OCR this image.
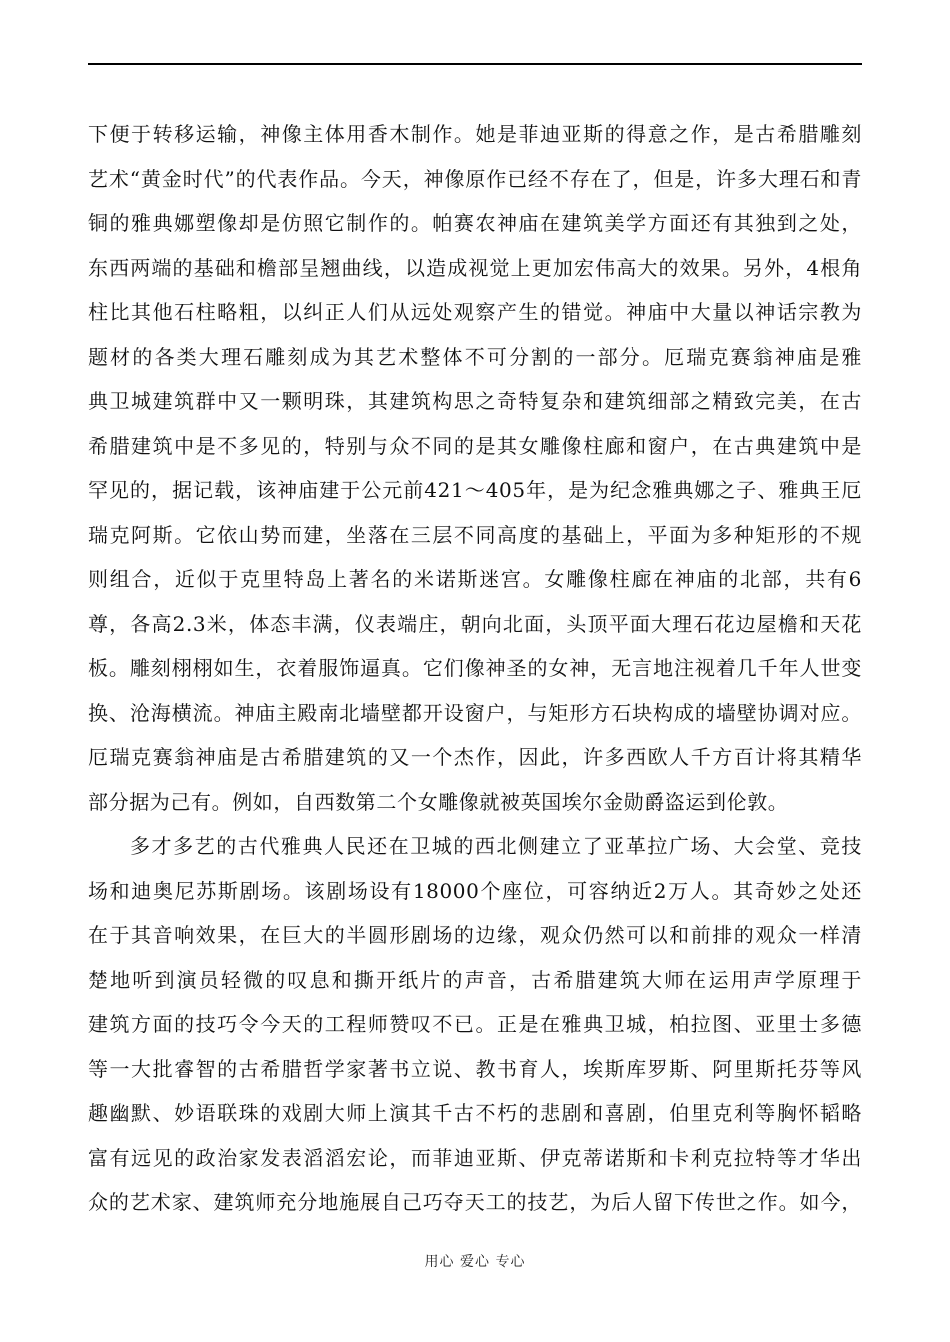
下便于转移运输，神像主体用香木制作。她是菲迪亚斯的得意之作，是古希腊雕刻
艺术“黄金时代”的代表作品。今天，神像原作已经不存在了，但是，许多大理石和青
铜的雅典娜塑像却是仿照它制作的。帕赛农神庙在建筑美学方面还有其独到之处，
东西两端的基础和檐部呈翘曲线，以造成视觉上更加宏伟高大的效果。另外，4根角
柱比其他石柱略粗，以纠正人们从远处观察产生的错觉。神庙中大量以神话宗教为
题材的各类大理石雕刻成为其艺术整体不可分割的一部分。厄瑞克赛翁神庙是雅
典卫城建筑群中又一颗明珠，其建筑构思之奇特复杂和建筑细部之精致完美，在古
希腊建筑中是不多见的，特别与众不同的是其女雕像柱廊和窗户，在古典建筑中是
罕见的，据记载，该神庙建于公元前421～405年，是为纪念雅典娜之子、雅典王厄
瑞克阿斯。它依山势而建，坐落在三层不同高度的基础上，平面为多种矩形的不规
则组合，近似于克里特岛上著名的米诺斯迷宫。女雕像柱廊在神庙的北部，共有6
尊，各高2.3米，体态丰满，仪表端庄，朝向北面，头顶平面大理石花边屋檐和天花
板。雕刻栩栩如生，衣着服饰逼真。它们像神圣的女神，无言地注视着几千年人世变
换、沧海横流。神庙主殿南北墙壁都开设窗户，与矩形方石块构成的墙壁协调对应。
厄瑞克赛翁神庙是古希腊建筑的又一个杰作，因此，许多西欧人千方百计将其精华
部分据为己有。例如，自西数第二个女雕像就被英国埃尔金勋爵盗运到伦敦。
多才多艺的古代雅典人民还在卫城的西北侧建立了亚革拉广场、大会堂、竞技
场和迪奥尼苏斯剧场。该剧场设有18000个座位，可容纳近2万人。其奇妙之处还
在于其音响效果，在巨大的半圆形剧场的边缘，观众仍然可以和前排的观众一样清
楚地听到演员轻微的叹息和撕开纸片的声音，古希腊建筑大师在运用声学原理于
建筑方面的技巧令今天的工程师赞叹不已。正是在雅典卫城，柏拉图、亚里士多德
等一大批睿智的古希腊哲学家著书立说、教书育人，埃斯库罗斯、阿里斯托芬等风
趣幽默、妙语联珠的戏剧大师上演其千古不朽的悲剧和喜剧，伯里克利等胸怀韬略
富有远见的政治家发表滔滔宏论，而菲迪亚斯、伊克蒂诺斯和卡利克拉特等才华出
众的艺术家、建筑师充分地施展自己巧夺天工的技艺，为后人留下传世之作。如今，
用心 爱心 专心
